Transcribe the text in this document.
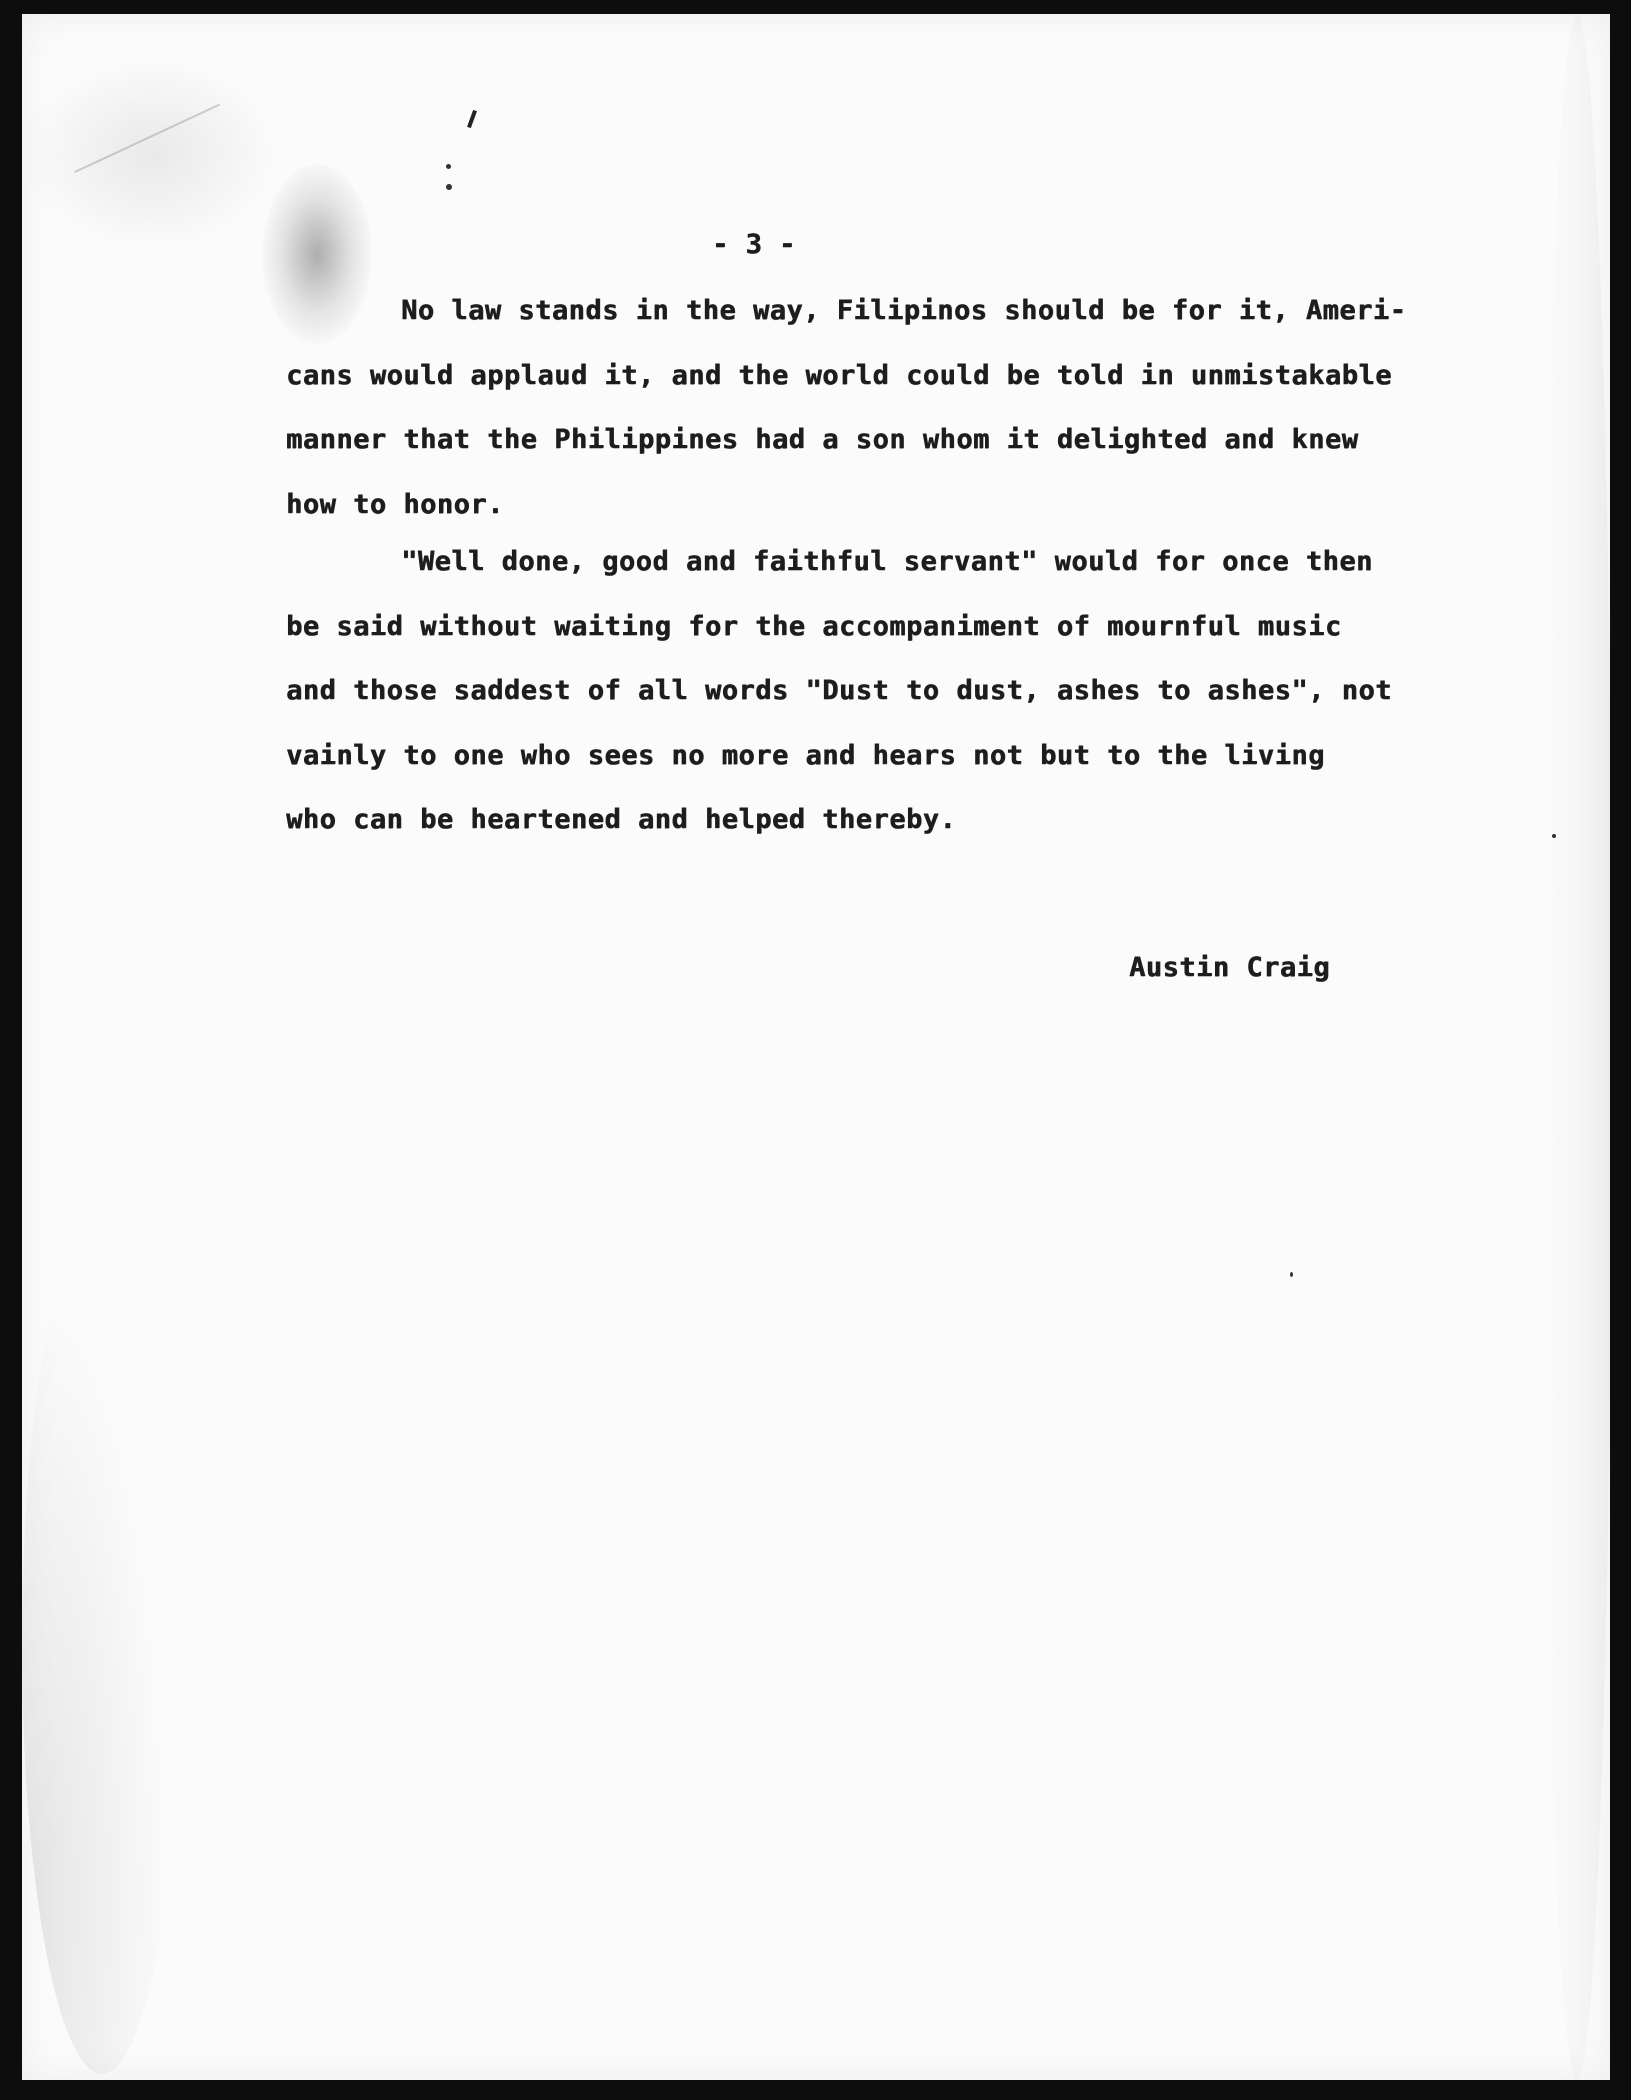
- 3 -
No law stands in the way, Filipinos should be for it, Ameri-
cans would applaud it, and the world could be told in unmistakable
manner that the Philippines had a son whom it delighted and knew
how to honor.
"Well done, good and faithful servant" would for once then
be said without waiting for the accompaniment of mournful music
and those saddest of all words "Dust to dust, ashes to ashes", not
vainly to one who sees no more and hears not but to the living
who can be heartened and helped thereby.
Austin Craig
